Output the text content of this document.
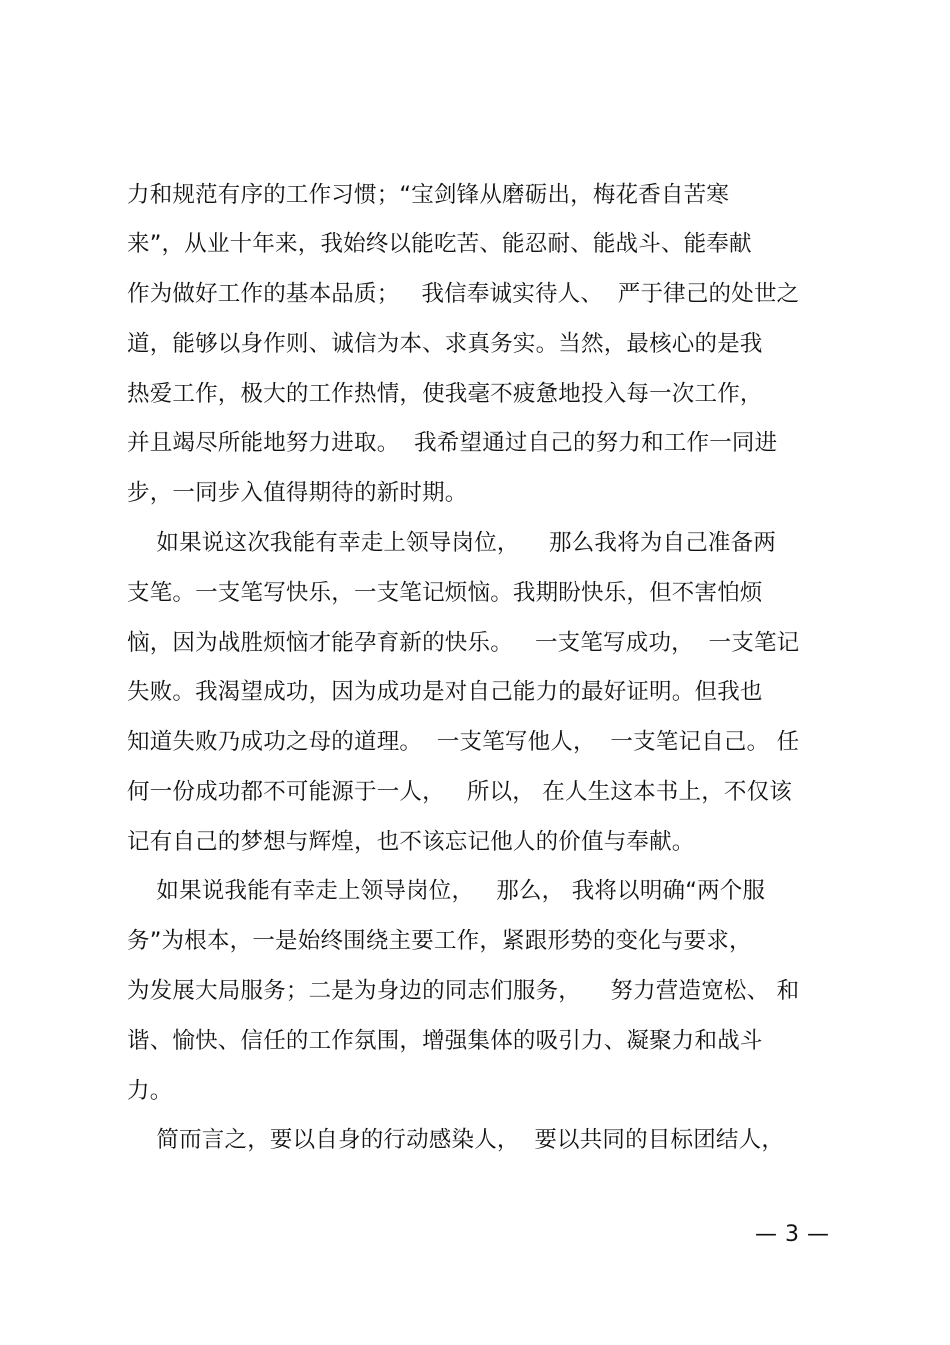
力和规范有序的工作习惯；“宝剑锋从磨砺出，梅花香自苦寒
来”，从业十年来，我始终以能吃苦、能忍耐、能战斗、能奉献
作为做好工作的基本品质；   我信奉诚实待人、  严于律己的处世之
道，能够以身作则、诚信为本、求真务实。当然，最核心的是我
热爱工作，极大的工作热情，使我毫不疲惫地投入每一次工作，
并且竭尽所能地努力进取。  我希望通过自己的努力和工作一同进
步，一同步入值得期待的新时期。
如果说这次我能有幸走上领导岗位，    那么我将为自己准备两
支笔。一支笔写快乐，一支笔记烦恼。我期盼快乐，但不害怕烦
恼，因为战胜烦恼才能孕育新的快乐。   一支笔写成功，  一支笔记
失败。我渴望成功，因为成功是对自己能力的最好证明。但我也
知道失败乃成功之母的道理。  一支笔写他人，  一支笔记自己。 任
何一份成功都不可能源于一人，   所以， 在人生这本书上，不仅该
记有自己的梦想与辉煌，也不该忘记他人的价值与奉献。
如果说我能有幸走上领导岗位，   那么， 我将以明确“两个服
务”为根本，一是始终围绕主要工作，紧跟形势的变化与要求，
为发展大局服务；二是为身边的同志们服务，    努力营造宽松、 和
谐、愉快、信任的工作氛围，增强集体的吸引力、凝聚力和战斗
力。
简而言之，要以自身的行动感染人，  要以共同的目标团结人，
— 3 —
